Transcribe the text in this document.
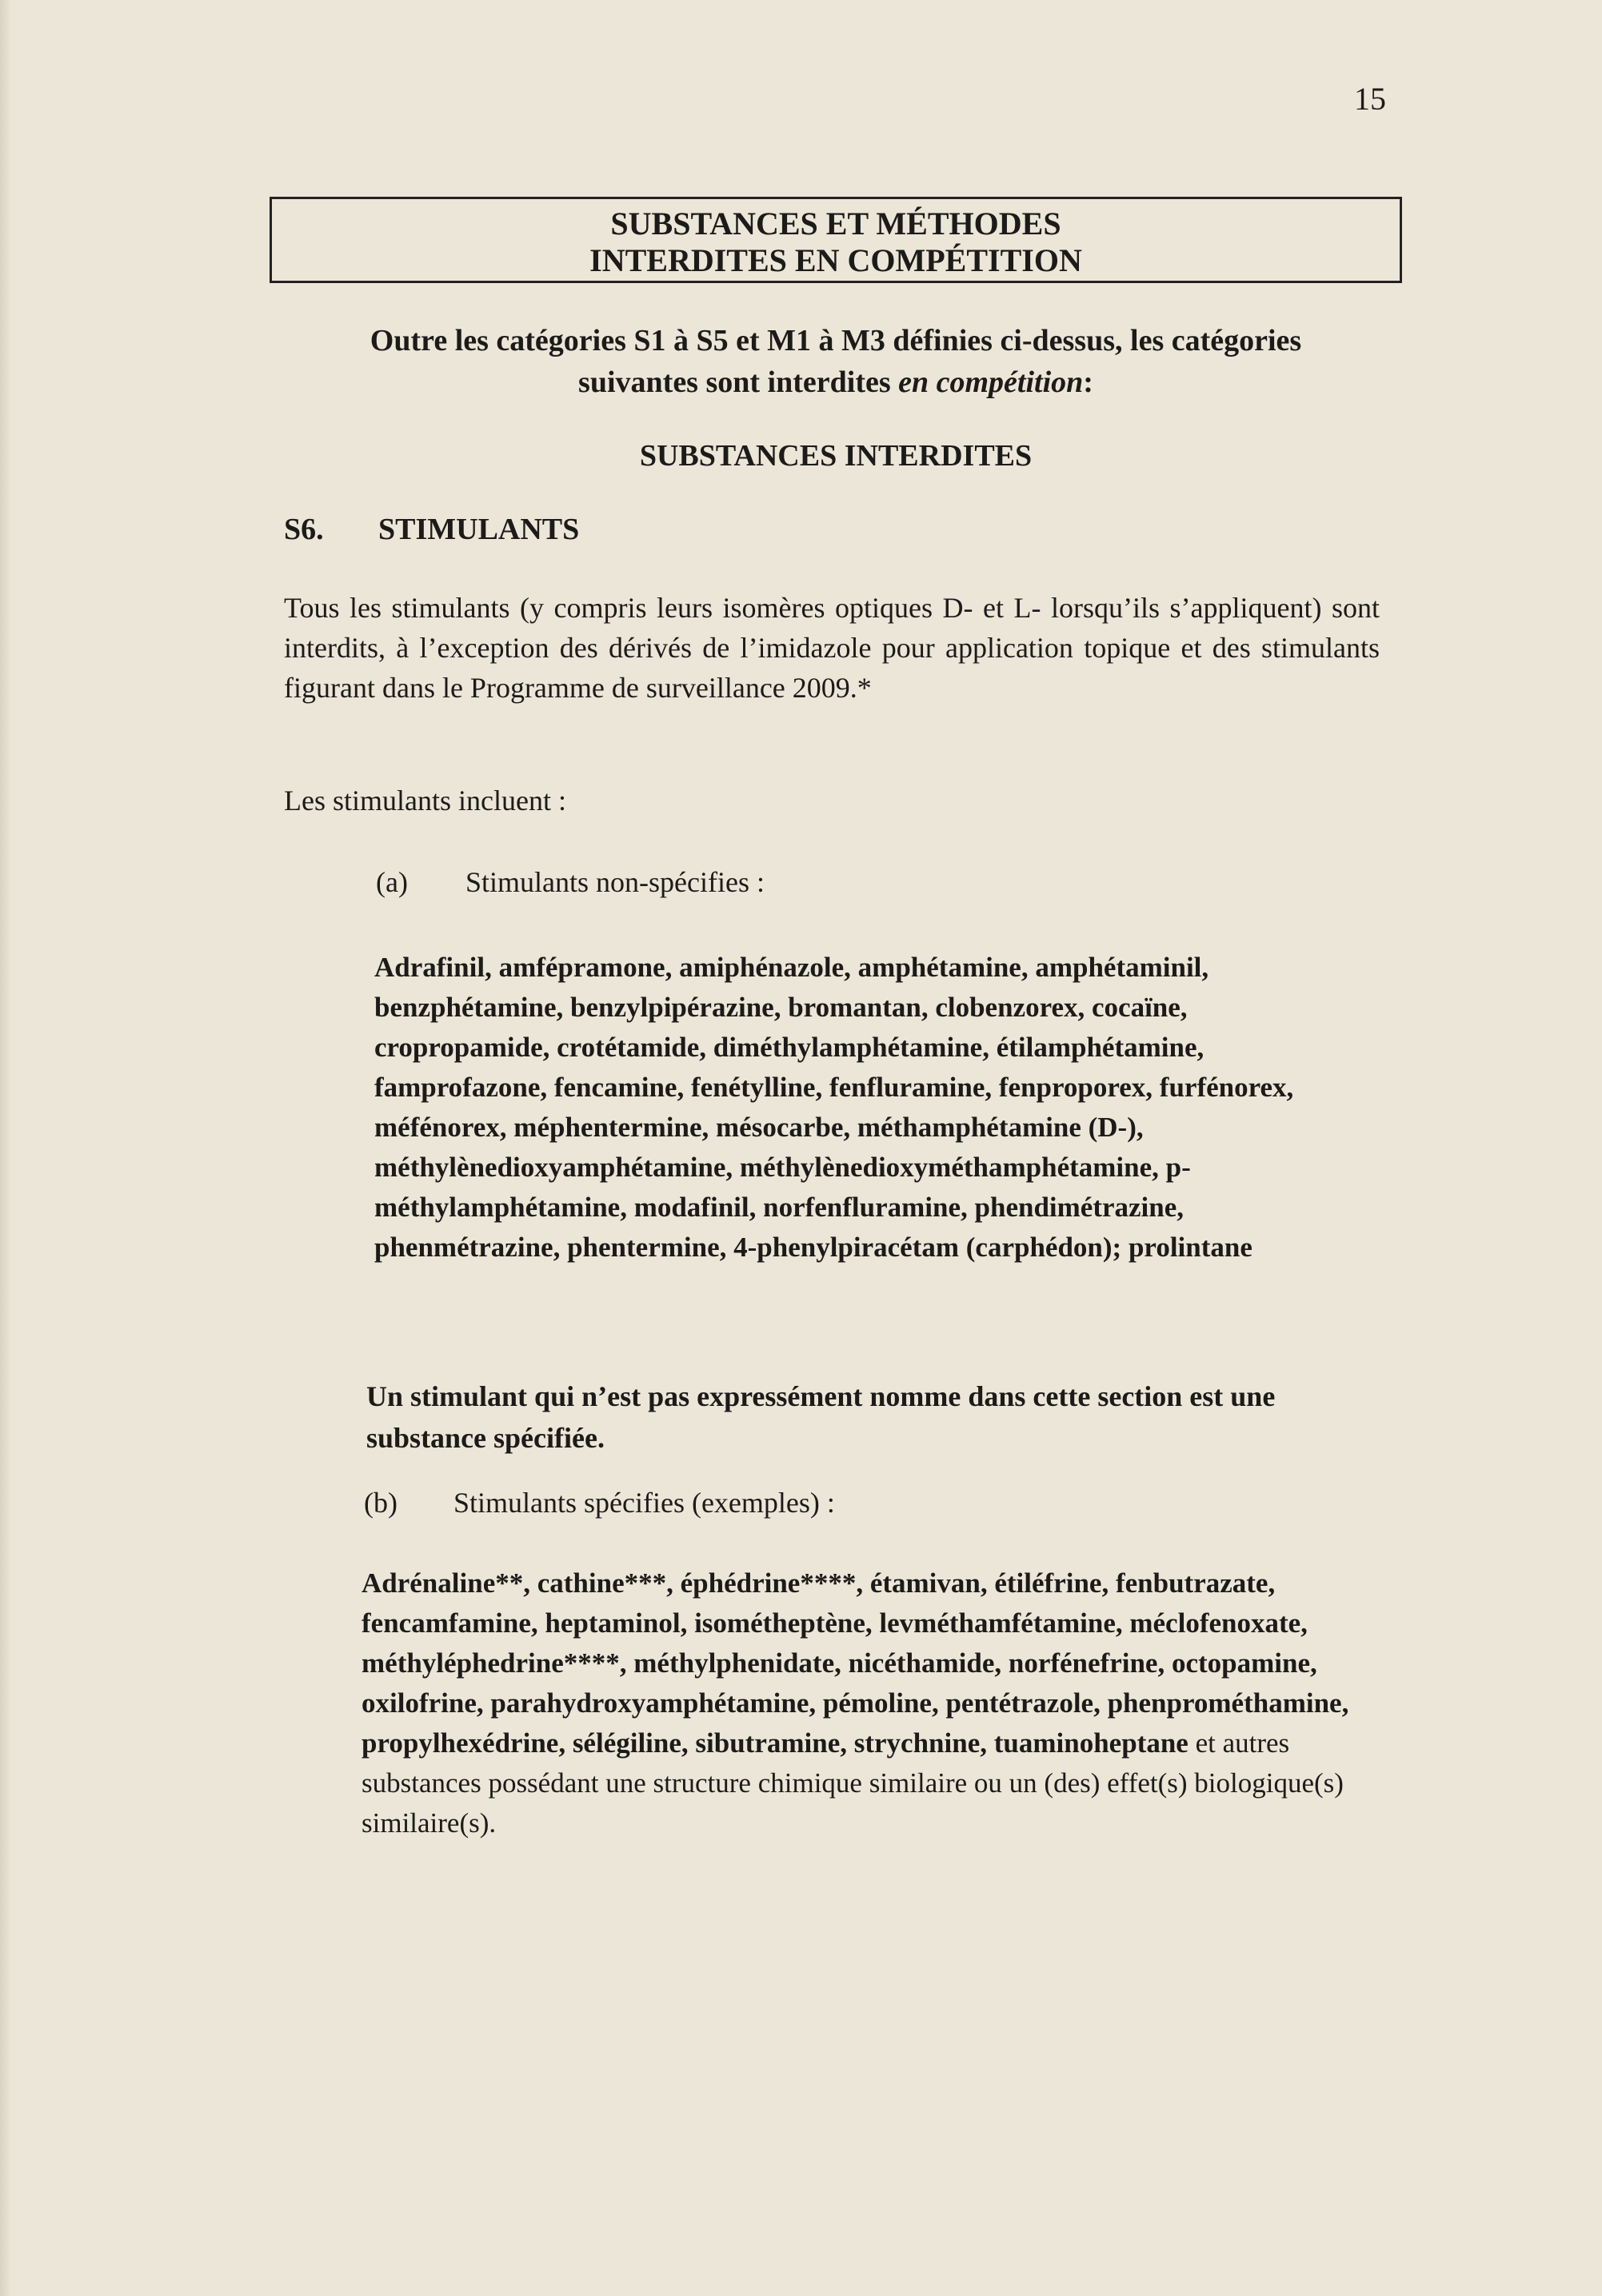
15
SUBSTANCES ET MÉTHODES
INTERDITES EN COMPÉTITION
Outre les catégories S1 à S5 et M1 à M3 définies ci-dessus, les catégories
suivantes sont interdites en compétition:
SUBSTANCES INTERDITES
S6. STIMULANTS
Tous les stimulants (y compris leurs isomères optiques D- et L- lorsqu’ils s’appliquent) sont interdits, à l’exception des dérivés de l’imidazole pour application topique et des stimulants figurant dans le Programme de surveillance 2009.*
Les stimulants incluent :
(a) Stimulants non-spécifies :
Adrafinil, amfépramone, amiphénazole, amphétamine, amphétaminil, benzphétamine, benzylpipérazine, bromantan, clobenzorex, cocaïne, cropropamide, crotétamide, diméthylamphétamine, étilamphétamine, famprofazone, fencamine, fenétylline, fenfluramine, fenproporex, furfénorex, méfénorex, méphentermine, mésocarbe, méthamphétamine (D-), méthylènedioxyamphétamine, méthylènedioxyméthamphétamine, p-méthylamphétamine, modafinil, norfenfluramine, phendimétrazine, phenmétrazine, phentermine, 4-phenylpiracétam (carphédon); prolintane
Un stimulant qui n’est pas expressément nomme dans cette section est une substance spécifiée.
(b) Stimulants spécifies (exemples) :
Adrénaline**, cathine***, éphédrine****, étamivan, étiléfrine, fenbutrazate, fencamfamine, heptaminol, isométheptène, levméthamfétamine, méclofenoxate, méthyléphedrine****, méthylphenidate, nicéthamide, norfénefrine, octopamine, oxilofrine, parahydroxyamphétamine, pémoline, pentétrazole, phenprométhamine, propylhexédrine, sélégiline, sibutramine, strychnine, tuaminoheptane et autres substances possédant une structure chimique similaire ou un (des) effet(s) biologique(s) similaire(s).
